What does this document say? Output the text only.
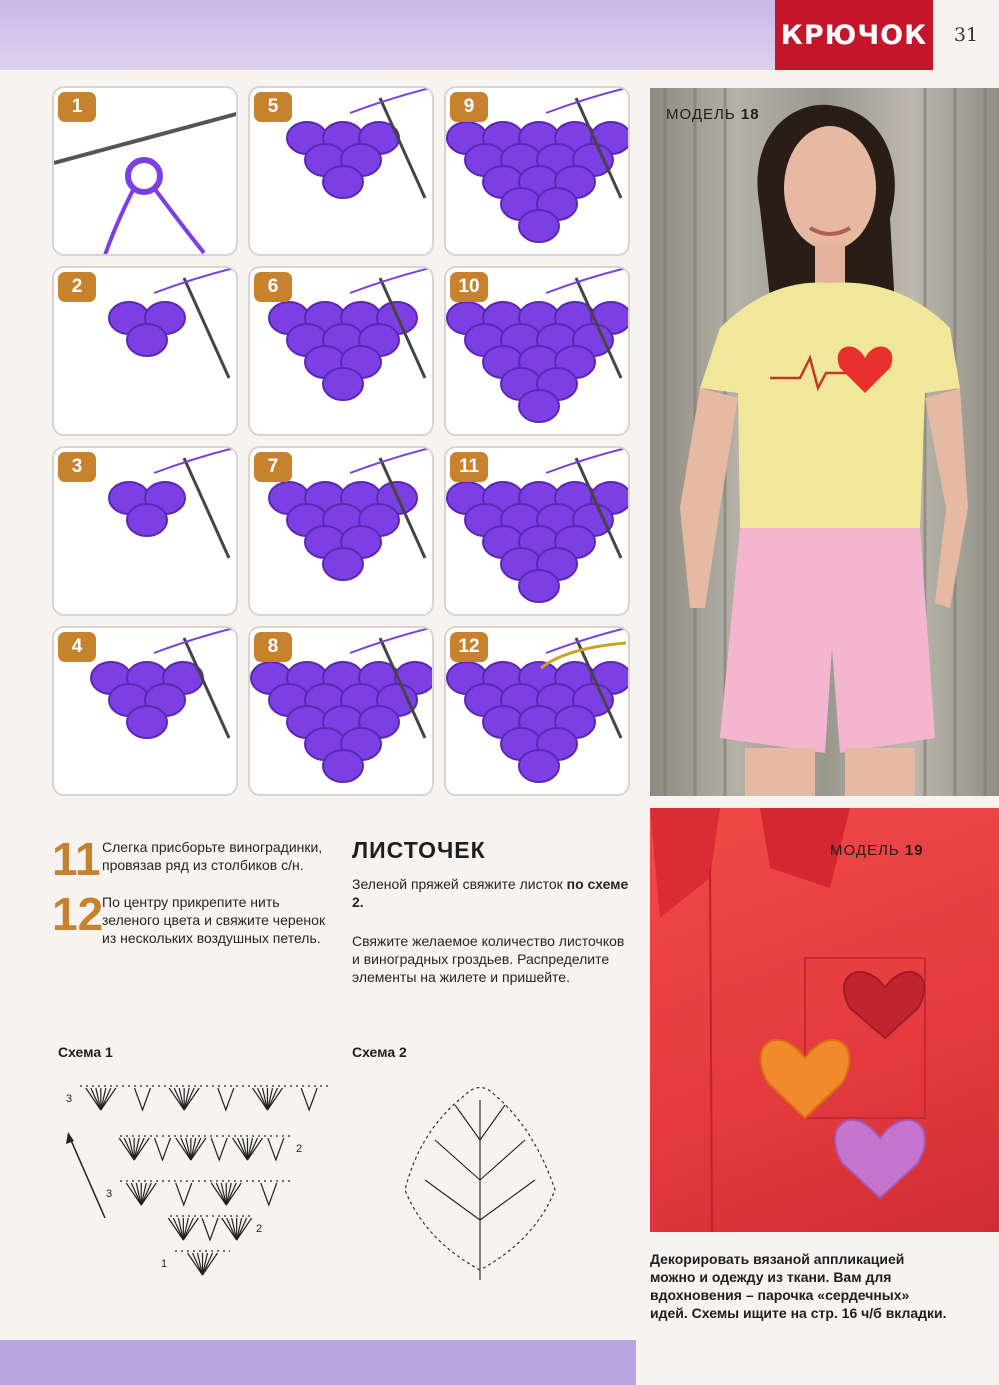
КРЮЧОК	31
1
2
3
4
5
6
7
8
9
10
11
12
МОДЕЛЬ 18
МОДЕЛЬ 19
11 Слегка присборьте виноградинки, провязав ряд из столбиков с/н.
12
По центру прикрепите нить зеленого цвета и свяжите черенок из нескольких воздушных петель.
ЛИСТОЧЕК
Зеленой пряжей свяжите листок по схеме 2.
Свяжите желаемое количество листочков и виноградных гроздьев. Распределите элементы на жилете и пришейте.
Схема 1	Схема 2
3
2
3
2
1	Декорировать вязаной аппликацией можно и одежду из ткани. Вам для вдохновения – парочка «сердечных» идей. Схемы ищите на стр. 16 ч/б вкладки.
